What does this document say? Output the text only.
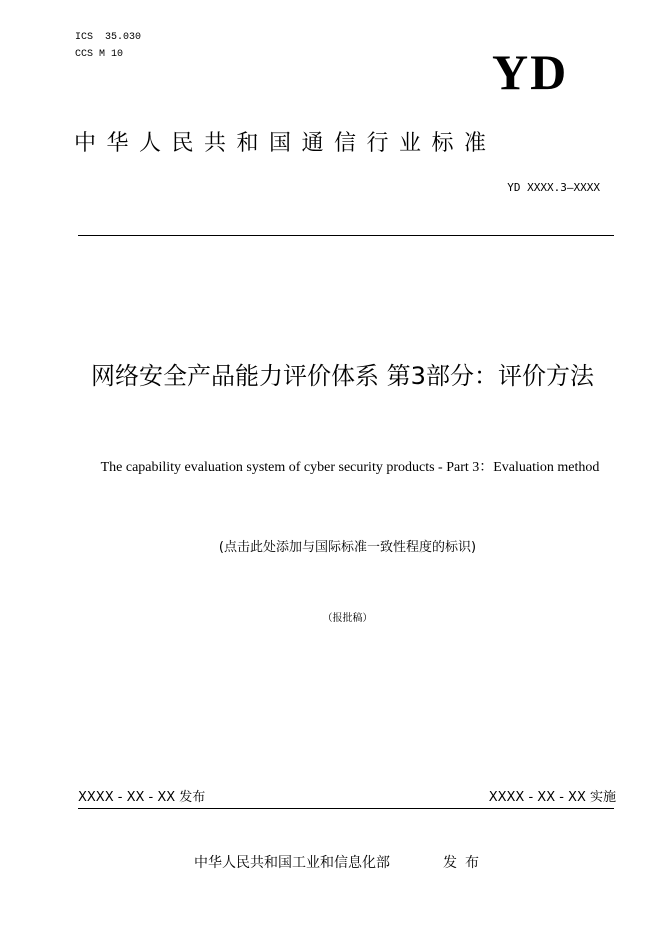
ICS  35.030
CCS M 10	YD
中华人民共和国通信行业标准
YD XXXX.3—XXXX
网络安全产品能力评价体系 第3部分：评价方法
The capability evaluation system of cyber security products - Part 3：Evaluation method
(点击此处添加与国际标准一致性程度的标识)
（报批稿）
XXXX - XX - XX 发布	XXXX - XX - XX 实施
中华人民共和国工业和信息化部	发布
